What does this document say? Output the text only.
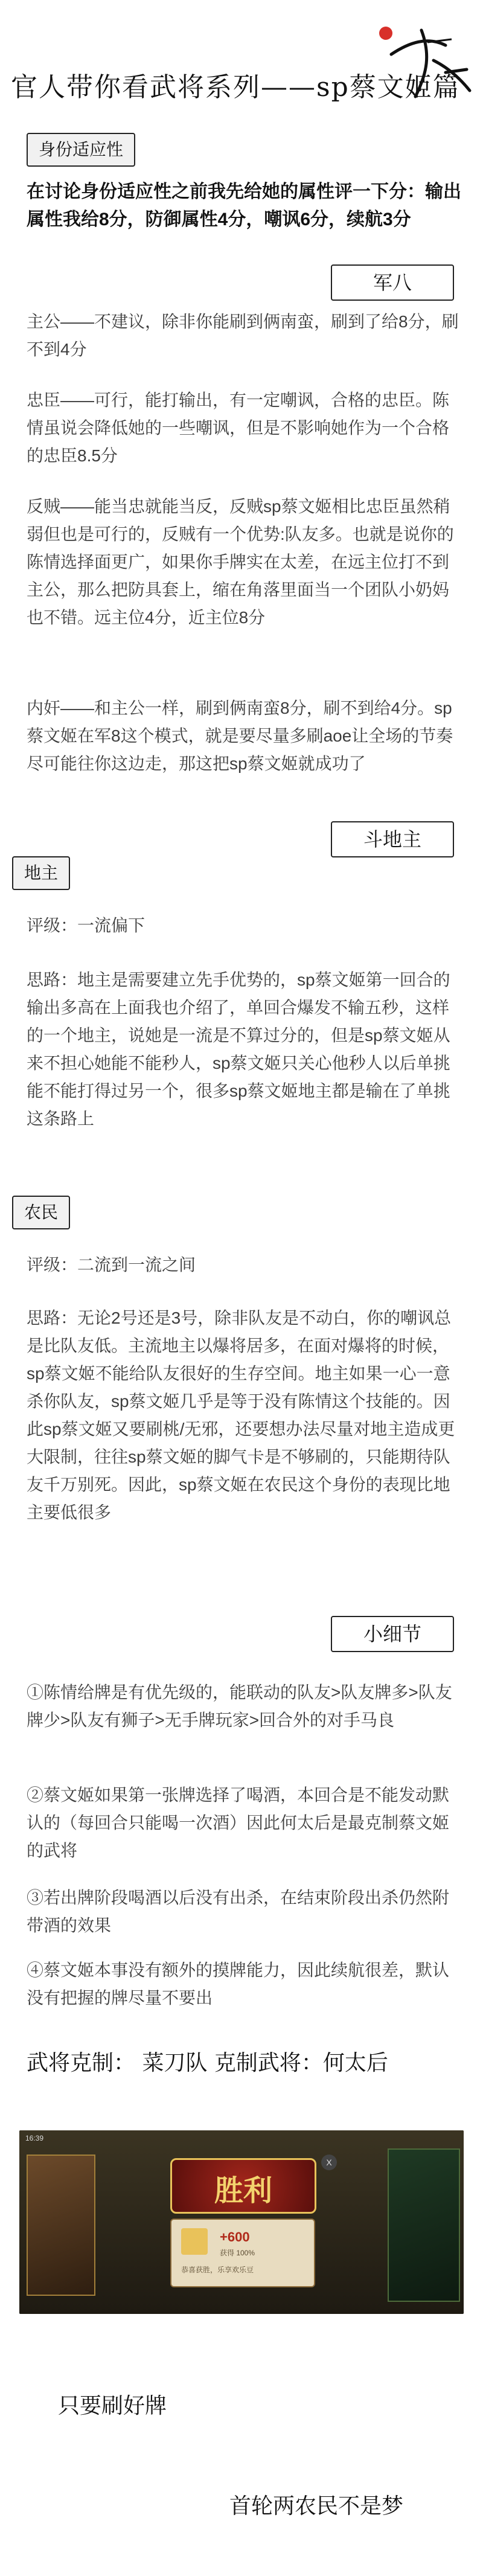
官人带你看武将系列——sp蔡文姬篇
身份适应性
在讨论身份适应性之前我先给她的属性评一下分：输出属性我给8分，防御属性4分，嘲讽6分，续航3分
军八
主公——不建议，除非你能刷到俩南蛮，刷到了给8分，刷不到4分
忠臣——可行，能打输出，有一定嘲讽，合格的忠臣。陈情虽说会降低她的一些嘲讽，但是不影响她作为一个合格的忠臣8.5分
反贼——能当忠就能当反，反贼sp蔡文姬相比忠臣虽然稍弱但也是可行的，反贼有一个优势:队友多。也就是说你的陈情选择面更广，如果你手牌实在太差，在远主位打不到主公，那么把防具套上，缩在角落里面当一个团队小奶妈也不错。远主位4分，近主位8分
内奸——和主公一样，刷到俩南蛮8分，刷不到给4分。sp蔡文姬在军8这个模式，就是要尽量多刷aoe让全场的节奏尽可能往你这边走，那这把sp蔡文姬就成功了
斗地主
地主
评级：一流偏下
思路：地主是需要建立先手优势的，sp蔡文姬第一回合的输出多高在上面我也介绍了，单回合爆发不输五秒，这样的一个地主，说她是一流是不算过分的，但是sp蔡文姬从来不担心她能不能秒人，sp蔡文姬只关心他秒人以后单挑能不能打得过另一个，很多sp蔡文姬地主都是输在了单挑这条路上
农民
评级：二流到一流之间
思路：无论2号还是3号，除非队友是不动白，你的嘲讽总是比队友低。主流地主以爆将居多，在面对爆将的时候，sp蔡文姬不能给队友很好的生存空间。地主如果一心一意杀你队友，sp蔡文姬几乎是等于没有陈情这个技能的。因此sp蔡文姬又要刷桃/无邪，还要想办法尽量对地主造成更大限制，往往sp蔡文姬的脚气卡是不够刷的，只能期待队友千万别死。因此，sp蔡文姬在农民这个身份的表现比地主要低很多
小细节
①陈情给牌是有优先级的，能联动的队友>队友牌多>队友牌少>队友有狮子>无手牌玩家>回合外的对手马良
②蔡文姬如果第一张牌选择了喝酒，本回合是不能发动默认的（每回合只能喝一次酒）因此何太后是最克制蔡文姬的武将
③若出牌阶段喝酒以后没有出杀，在结束阶段出杀仍然附带酒的效果
④蔡文姬本事没有额外的摸牌能力，因此续航很差，默认没有把握的牌尽量不要出
武将克制： 菜刀队 克制武将：何太后
16:39
胜利
+600
获得 100%
恭喜获胜，乐享欢乐豆
X
只要刷好牌
首轮两农民不是梦
